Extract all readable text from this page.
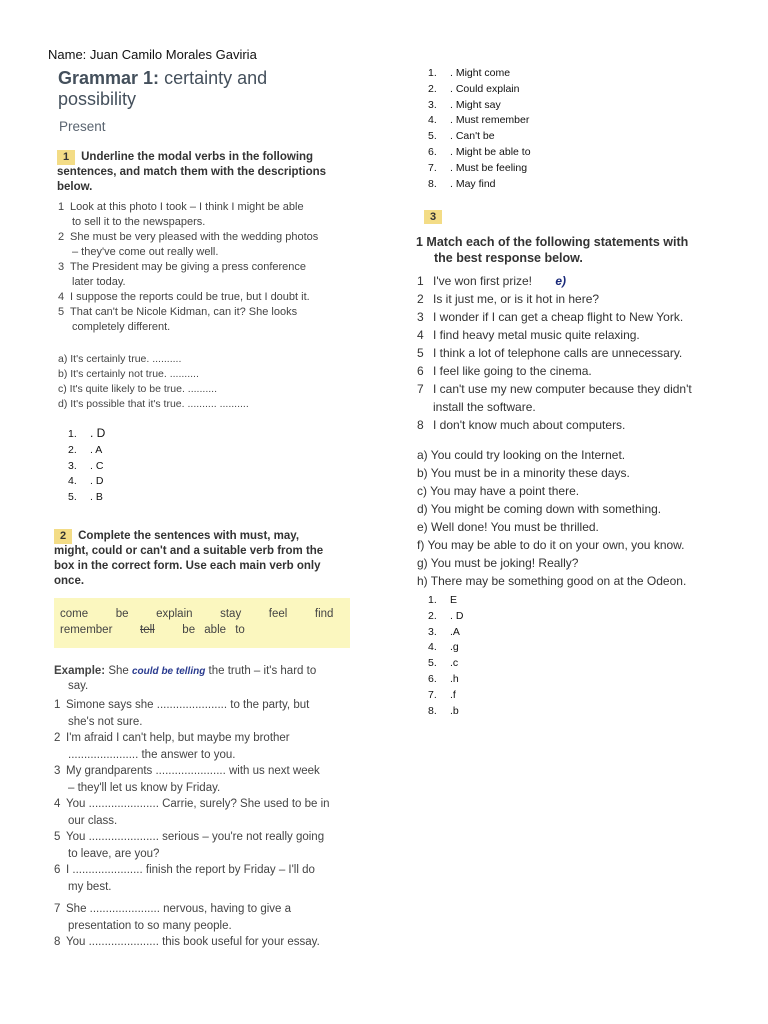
Name: Juan Camilo Morales Gaviria
Grammar 1: certainty and
possibility
Present
1 Underline the modal verbs in the following
sentences, and match them with the descriptions
below.
1 Look at this photo I took – I think I might be able
to sell it to the newspapers.
2 She must be very pleased with the wedding photos
– they've come out really well.
3 The President may be giving a press conference
later today.
4 I suppose the reports could be true, but I doubt it.
5 That can't be Nicole Kidman, can it? She looks
completely different.
a) It's certainly true. ..........
b) It's certainly not true. ..........
c) It's quite likely to be true. ..........
d) It's possible that it's true. .......... ..........
1. . D
2. . A
3. . C
4. . D
5. . B
2 Complete the sentences with must, may,
might, could or can't and a suitable verb from the
box in the correct form. Use each main verb only
once.
come   be   explain   stay   feel   find
remember tell be able to
Example: She could be telling the truth – it's hard to
say.
1 Simone says she ...................... to the party, but
she's not sure.
2 I'm afraid I can't help, but maybe my brother
...................... the answer to you.
3 My grandparents ...................... with us next week
– they'll let us know by Friday.
4 You ...................... Carrie, surely? She used to be in
our class.
5 You ...................... serious – you're not really going
to leave, are you?
6 I ...................... finish the report by Friday – I'll do
my best.
7 She ...................... nervous, having to give a
presentation to so many people.
8 You ...................... this book useful for your essay.
1. . Might come
2. . Could explain
3. . Might say
4. . Must remember
5. . Can't be
6. . Might be able to
7. . Must be feeling
8. . May find
3
1 Match each of the following statements with
the best response below.
1 I've won first prize! e)
2 Is it just me, or is it hot in here?
3 I wonder if I can get a cheap flight to New York.
4 I find heavy metal music quite relaxing.
5 I think a lot of telephone calls are unnecessary.
6 I feel like going to the cinema.
7 I can't use my new computer because they didn't
install the software.
8 I don't know much about computers.
a) You could try looking on the Internet.
b) You must be in a minority these days.
c) You may have a point there.
d) You might be coming down with something.
e) Well done! You must be thrilled.
f) You may be able to do it on your own, you know.
g) You must be joking! Really?
h) There may be something good on at the Odeon.
1. E
2. . D
3. .A
4. .g
5. .c
6. .h
7. .f
8. .b
